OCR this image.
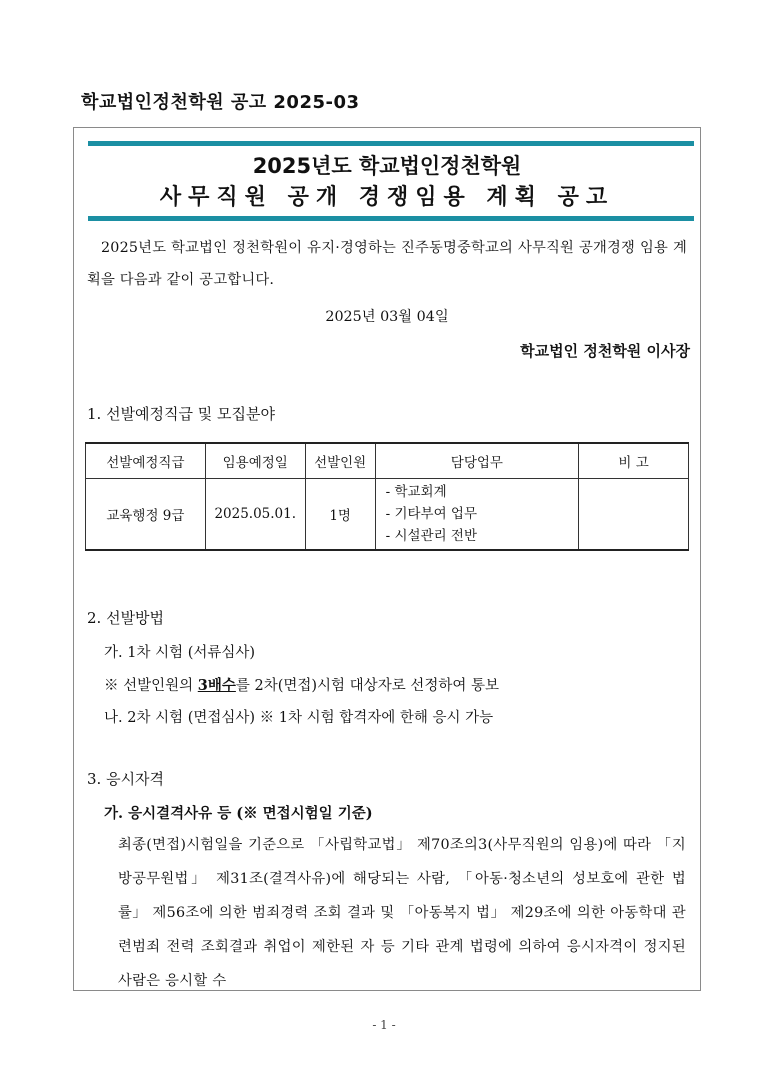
학교법인정천학원 공고 2025-03
2025년도 학교법인정천학원
사무직원 공개 경쟁임용 계획 공고
2025년도 학교법인 정천학원이 유지·경영하는 진주동명중학교의 사무직원 공개경쟁 임용 계획을 다음과 같이 공고합니다.
2025년 03월 04일
학교법인 정천학원 이사장
1. 선발예정직급 및 모집분야
선발예정직급	임용예정일	선발인원	담당업무	비 고
교육행정 9급	2025.05.01.	1명	- 학교회계
- 기타부여 업무
- 시설관리 전반	

2. 선발방법
가. 1차 시험 (서류심사)
※ 선발인원의 3배수를 2차(면접)시험 대상자로 선정하여 통보
나. 2차 시험 (면접심사) ※ 1차 시험 합격자에 한해 응시 가능
3. 응시자격
가. 응시결격사유 등 (※ 면접시험일 기준)
최종(면접)시험일을 기준으로 「사립학교법」 제70조의3(사무직원의 임용)에 따라 「지방공무원법」 제31조(결격사유)에 해당되는 사람, 「아동·청소년의 성보호에 관한 법률」 제56조에 의한 범죄경력 조회 결과 및 「아동복지 법」 제29조에 의한 아동학대 관련범죄 전력 조회결과 취업이 제한된 자 등 기타 관계 법령에 의하여 응시자격이 정지된 사람은 응시할 수
- 1 -
